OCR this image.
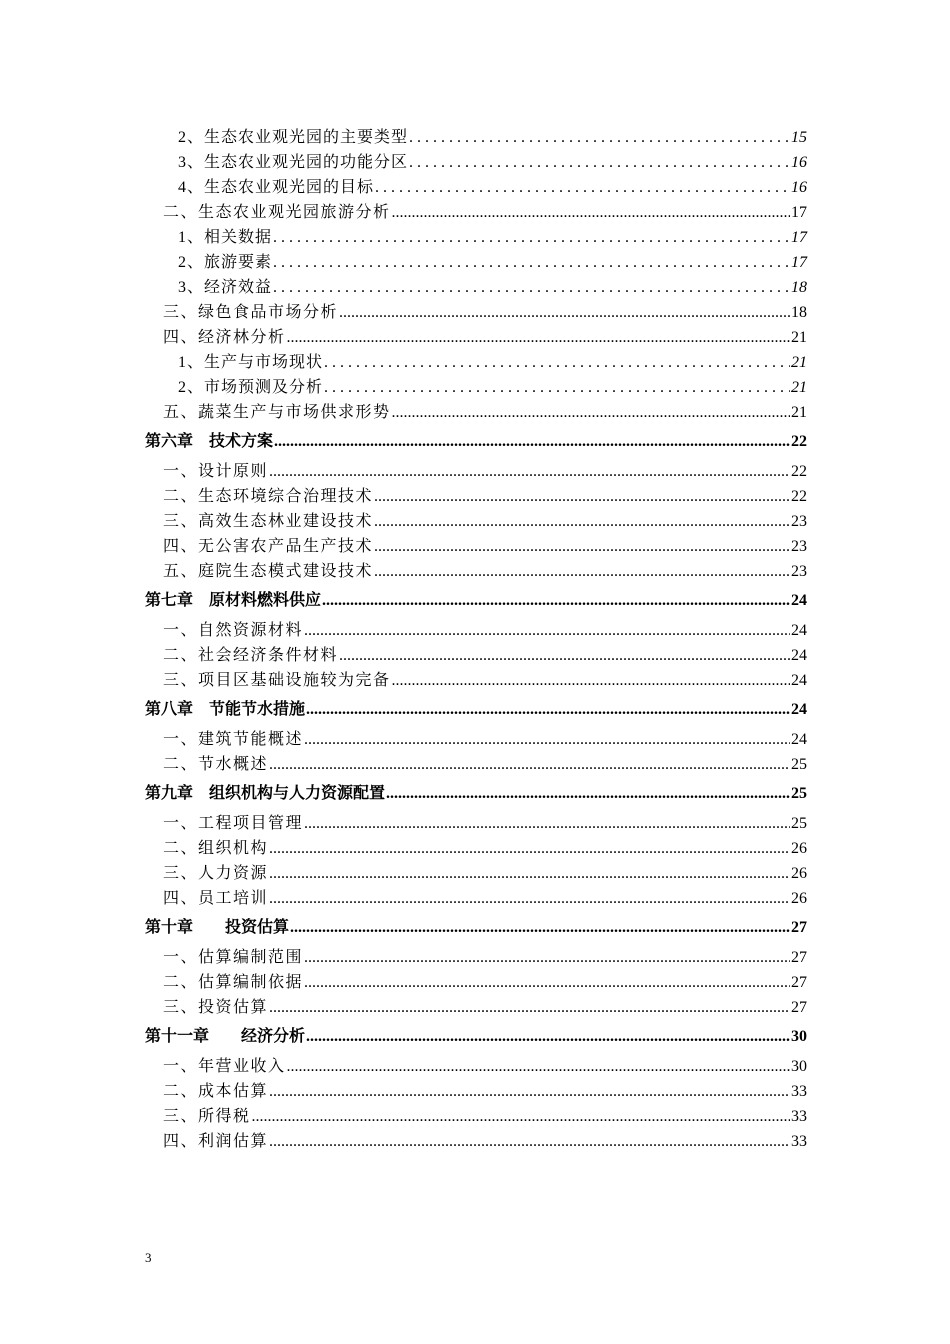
2、生态农业观光园的主要类型 . . .	15
3、生态农业观光园的功能分区 . . .	16
4、生态农业观光园的目标 . . .	16
二、生态农业观光园旅游分析 .....	17
1、相关数据 . . .	17
2、旅游要素 . . .	17
3、经济效益 . . .	18
三、绿色食品市场分析 .....	18
四、经济林分析 .....	21
1、生产与市场现状 . . .	21
2、市场预测及分析 . . .	21
五、蔬菜生产与市场供求形势 .....	21
第六章　技术方案 .....	22
一、设计原则 .....	22
二、生态环境综合治理技术 .....	22
三、高效生态林业建设技术 .....	23
四、无公害农产品生产技术 .....	23
五、庭院生态模式建设技术 .....	23
第七章　原材料燃料供应 .....	24
一、自然资源材料 .....	24
二、社会经济条件材料 .....	24
三、项目区基础设施较为完备 .....	24
第八章　节能节水措施 .....	24
一、建筑节能概述 .....	24
二、节水概述 .....	25
第九章　组织机构与人力资源配置 .....	25
一、工程项目管理 .....	25
二、组织机构 .....	26
三、人力资源 .....	26
四、员工培训 .....	26
第十章　　投资估算 .....	27
一、估算编制范围 .....	27
二、估算编制依据 .....	27
三、投资估算 .....	27
第十一章　　经济分析 .....	30
一、年营业收入 .....	30
二、成本估算 .....	33
三、所得税 .....	33
四、利润估算 .....	33
3
